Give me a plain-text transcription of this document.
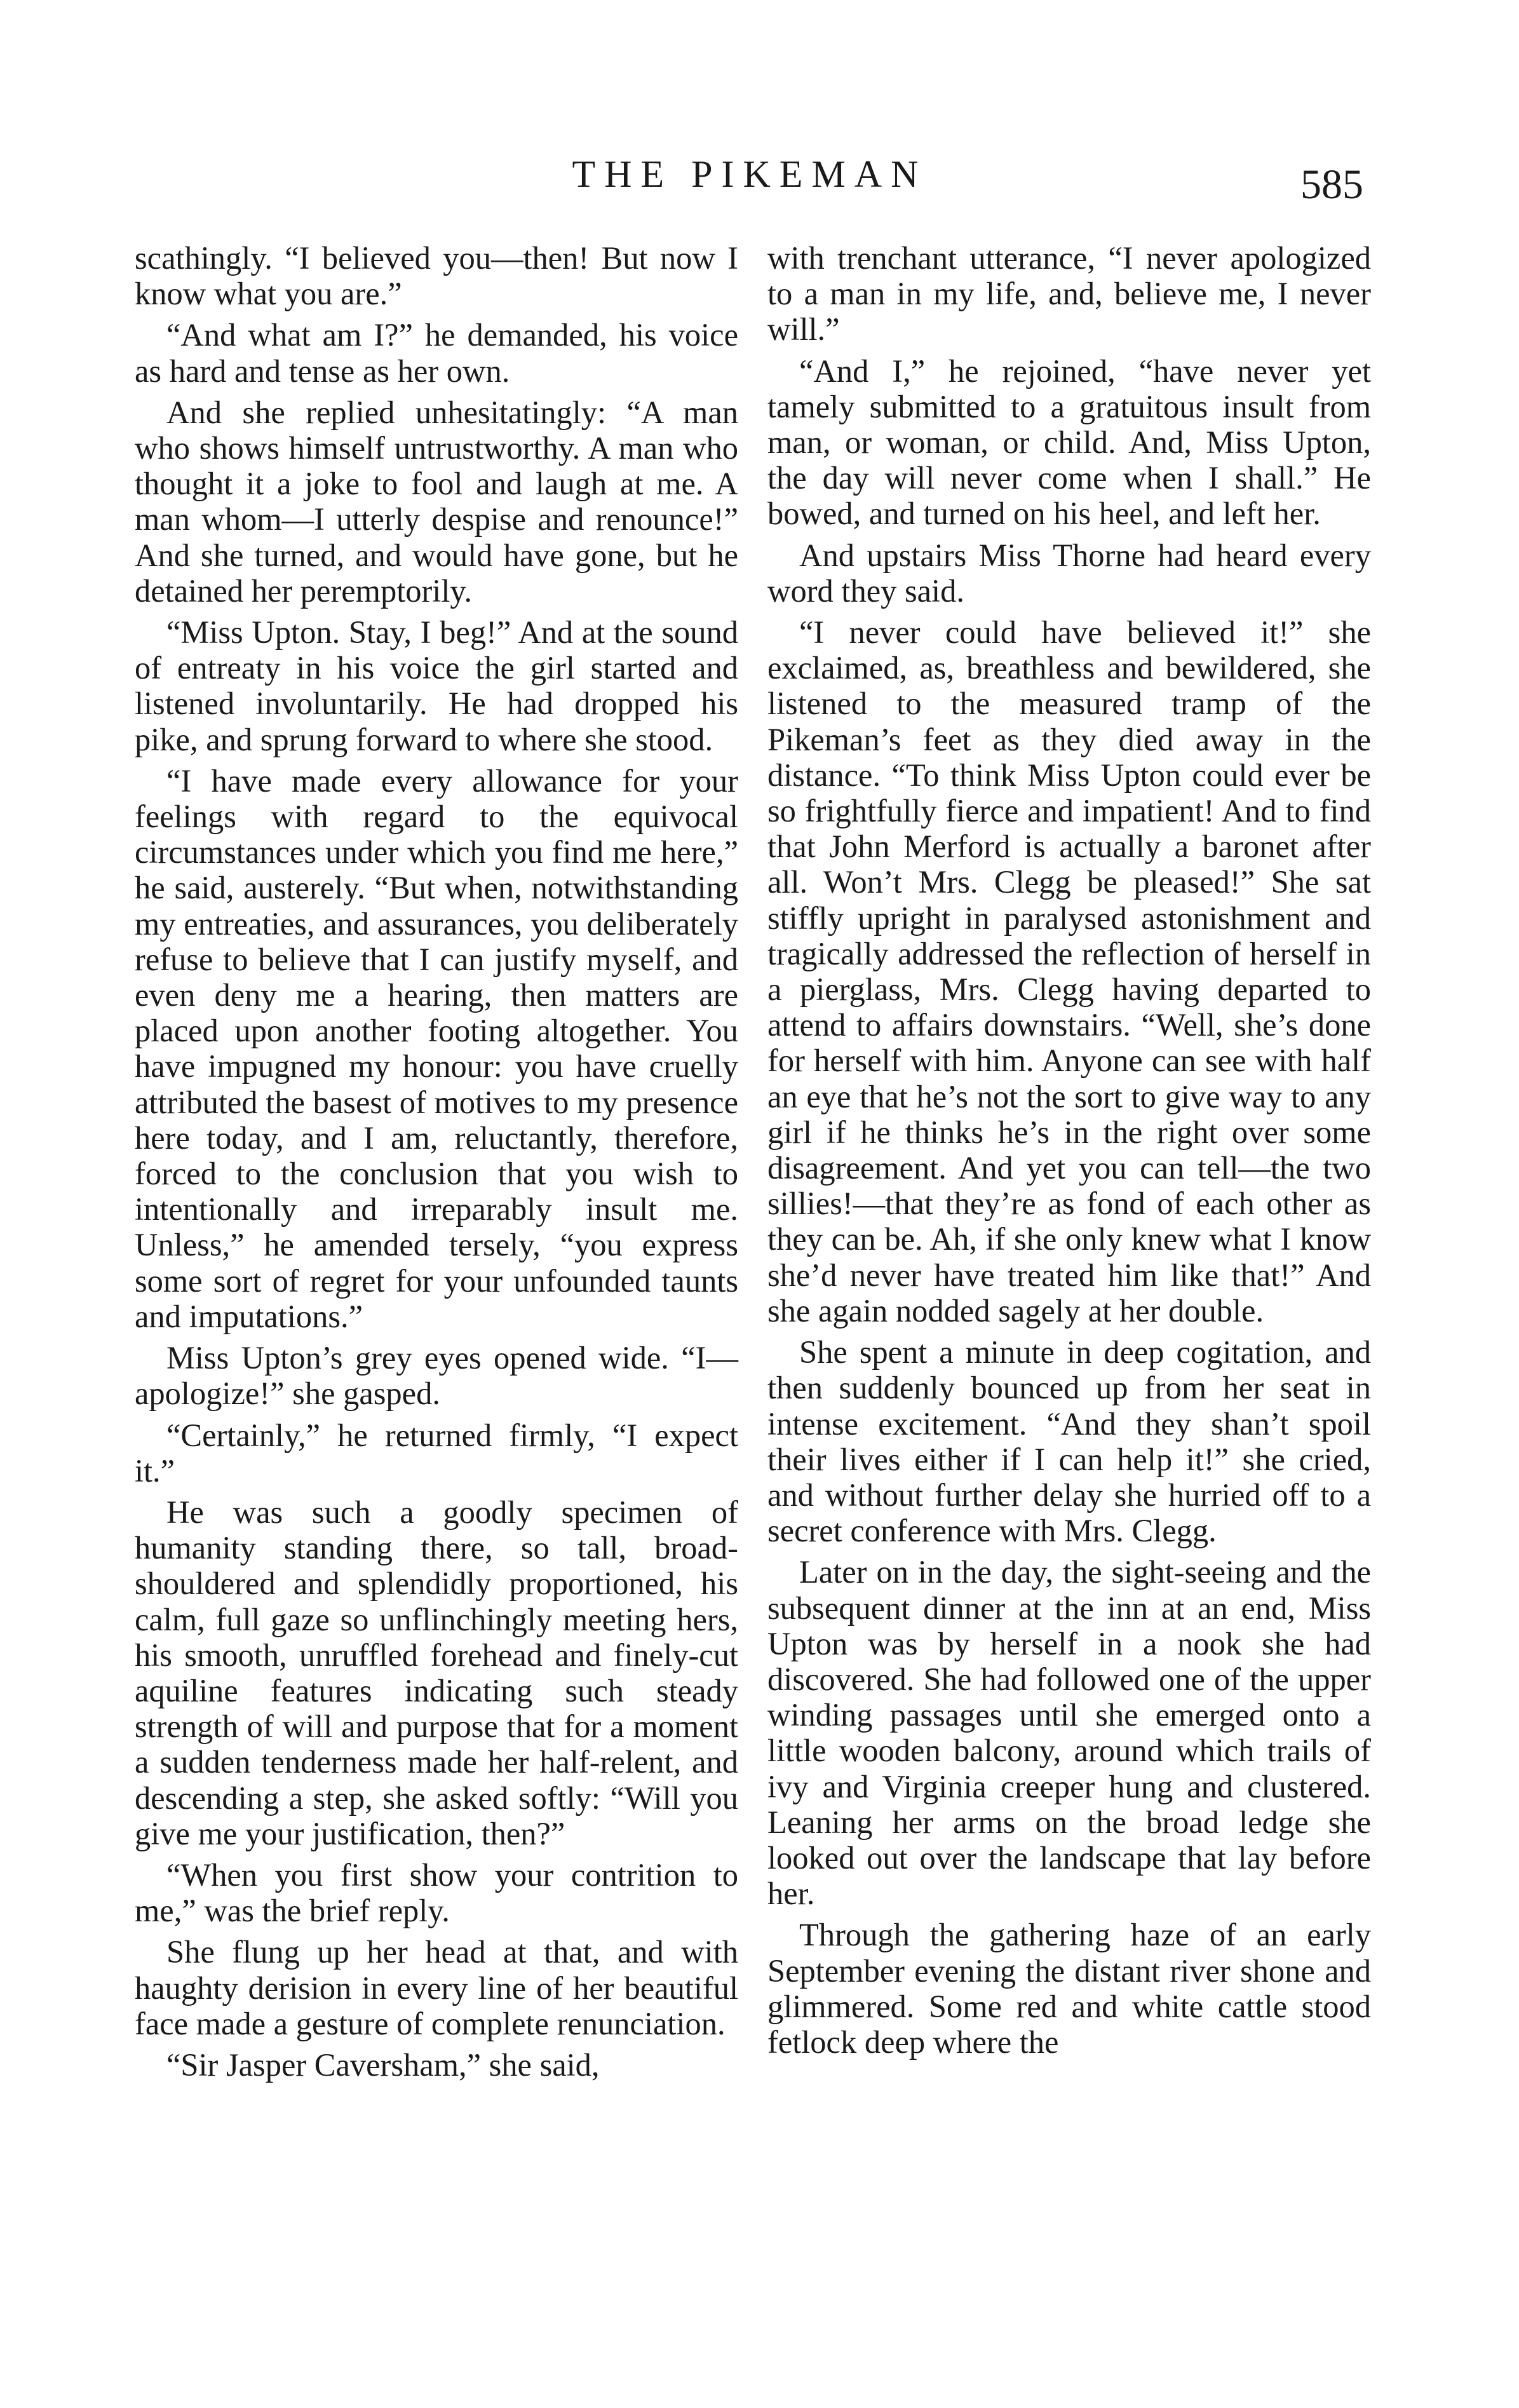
THE PIKEMAN	585

scathingly. “I believed you—then! But now I know what you are.”

“And what am I?” he demanded, his voice as hard and tense as her own.

And she replied unhesitatingly: “A man who shows himself untrustworthy. A man who thought it a joke to fool and laugh at me. A man whom—I utterly despise and renounce!” And she turned, and would have gone, but he detained her peremptorily.

“Miss Upton. Stay, I beg!” And at the sound of entreaty in his voice the girl started and listened involuntarily. He had dropped his pike, and sprung forward to where she stood.

“I have made every allowance for your feelings with regard to the equivocal circumstances under which you find me here,” he said, austerely. “But when, notwithstanding my entreaties, and assurances, you deliberately refuse to believe that I can justify myself, and even deny me a hearing, then matters are placed upon another footing altogether. You have impugned my honour: you have cruelly attributed the basest of motives to my presence here today, and I am, reluctantly, therefore, forced to the conclusion that you wish to intentionally and irreparably insult me. Unless,” he amended tersely, “you express some sort of regret for your unfounded taunts and imputations.”

Miss Upton’s grey eyes opened wide. “I—apologize!” she gasped.

“Certainly,” he returned firmly, “I expect it.”

He was such a goodly specimen of humanity standing there, so tall, broad-shouldered and splendidly proportioned, his calm, full gaze so unflinchingly meeting hers, his smooth, unruffled forehead and finely-cut aquiline features indicating such steady strength of will and purpose that for a moment a sudden tenderness made her half-relent, and descending a step, she asked softly: “Will you give me your justification, then?”

“When you first show your contrition to me,” was the brief reply.

She flung up her head at that, and with haughty derision in every line of her beautiful face made a gesture of complete renunciation.

“Sir Jasper Caversham,” she said,

with trenchant utterance, “I never apologized to a man in my life, and, believe me, I never will.”

“And I,” he rejoined, “have never yet tamely submitted to a gratuitous insult from man, or woman, or child. And, Miss Upton, the day will never come when I shall.” He bowed, and turned on his heel, and left her.

And upstairs Miss Thorne had heard every word they said.

“I never could have believed it!” she exclaimed, as, breathless and bewildered, she listened to the measured tramp of the Pikeman’s feet as they died away in the distance. “To think Miss Upton could ever be so frightfully fierce and impatient! And to find that John Merford is actually a baronet after all. Won’t Mrs. Clegg be pleased!” She sat stiffly upright in paralysed astonishment and tragically addressed the reflection of herself in a pierglass, Mrs. Clegg having departed to attend to affairs downstairs. “Well, she’s done for herself with him. Anyone can see with half an eye that he’s not the sort to give way to any girl if he thinks he’s in the right over some disagreement. And yet you can tell—the two sillies!—that they’re as fond of each other as they can be. Ah, if she only knew what I know she’d never have treated him like that!” And she again nodded sagely at her double.

She spent a minute in deep cogitation, and then suddenly bounced up from her seat in intense excitement. “And they shan’t spoil their lives either if I can help it!” she cried, and without further delay she hurried off to a secret conference with Mrs. Clegg.

Later on in the day, the sight-seeing and the subsequent dinner at the inn at an end, Miss Upton was by herself in a nook she had discovered. She had followed one of the upper winding passages until she emerged onto a little wooden balcony, around which trails of ivy and Virginia creeper hung and clustered. Leaning her arms on the broad ledge she looked out over the landscape that lay before her.

Through the gathering haze of an early September evening the distant river shone and glimmered. Some red and white cattle stood fetlock deep where the
